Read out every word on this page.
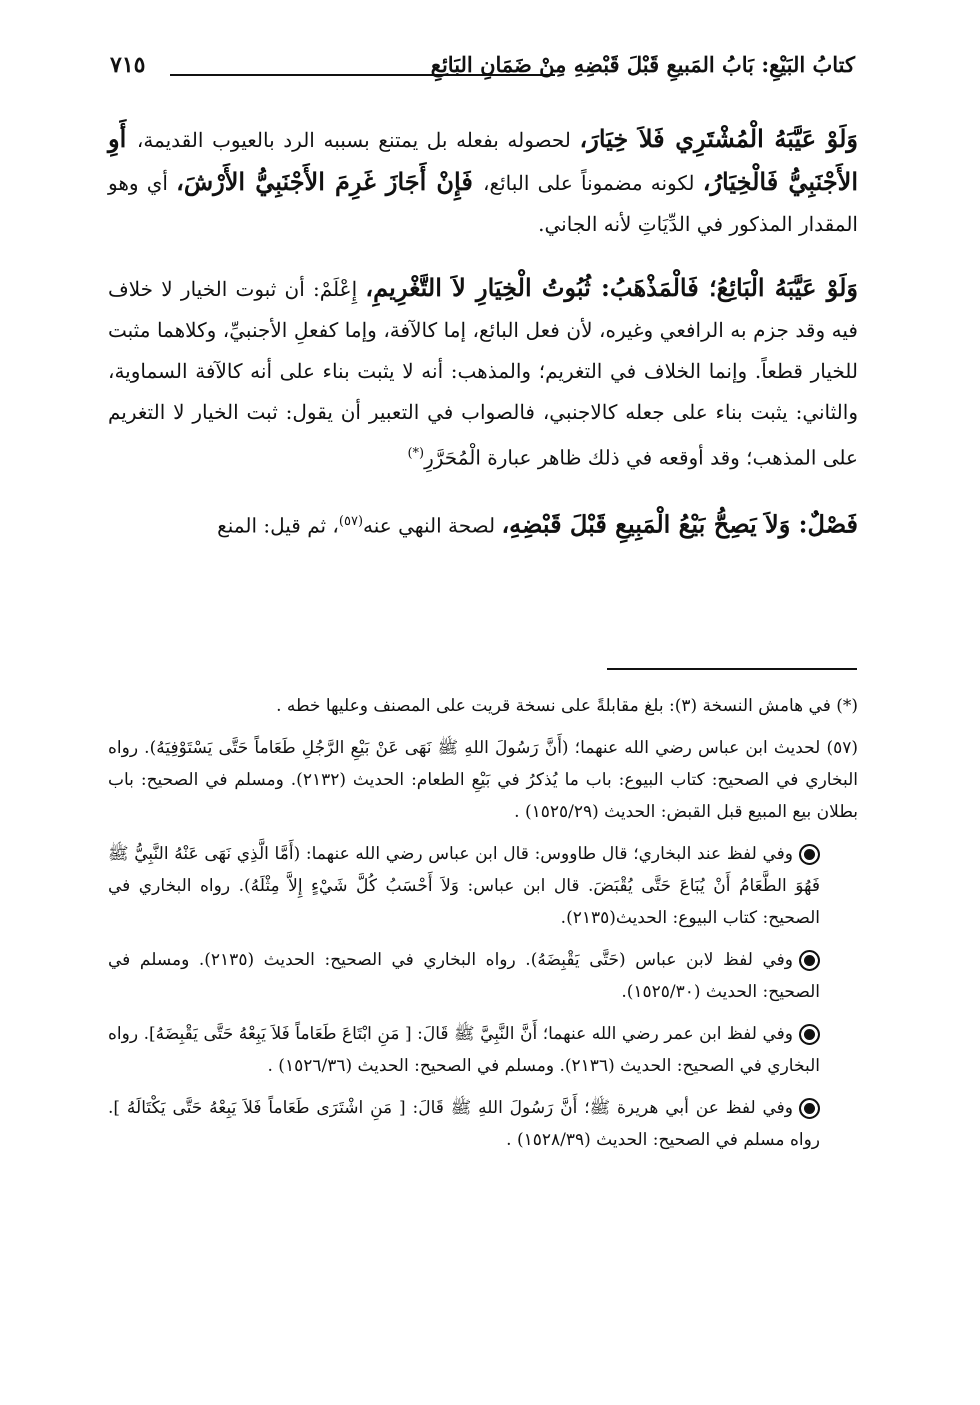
كتابُ البَيْعِ: بَابُ المَبيعِ قَبْلَ قَبْضِهِ مِنْ ضَمَانِ البَائِعِ
٧١٥

وَلَوْ عَيَّبَهُ الْمُشْتَرِي فَلاَ خِيَارَ، لحصوله بفعله بل يمتنع بسببه الرد بالعيوب القديمة، أَوِ الأَجْنَبِيُّ فَالْخِيَارُ، لكونه مضموناً على البائع، فَإِنْ أَجَازَ غَرِمَ الأَجْنَبِيُّ الأَرْشَ، أي وهو المقدار المذكور في الدِّيَاتِ لأنه الجاني.

وَلَوْ عَيَّبَهُ الْبَائِعُ؛ فَالْمَذْهَبُ: ثُبُوتُ الْخِيَارِ لاَ التَّغْرِيمِ، إِعْلَمْ: أن ثبوت الخيار لا خلاف فيه وقد جزم به الرافعي وغيره، لأن فعل البائع، إما كالآفة، وإما كفعلِ الأجنبيِّ، وكلاهما مثبت للخيار قطعاً. وإنما الخلاف في التغريم؛ والمذهب: أنه لا يثبت بناء على أنه كالآفة السماوية، والثاني: يثبت بناء على جعله كالاجنبي، فالصواب في التعبير أن يقول: ثبت الخيار لا التغريم على المذهب؛ وقد أوقعه في ذلك ظاهر عبارة الْمُحَرَّرِ(*)

فَصْلٌ: وَلاَ يَصِحُّ بَيْعُ الْمَبِيعِ قَبْلَ قَبْضِهِ، لصحة النهي عنه$^{(٥٧)}$، ثم قيل: المنع

(*) في هامش النسخة (٣): بلغ مقابلةً على نسخة قريت على المصنف وعليها خطه .

(٥٧) لحديث ابن عباس رضي الله عنهما؛ (أَنَّ رَسُولَ اللهِ ﷺ نَهَى عَنْ بَيْعِ الرَّجُلِ طَعَاماً حَتَّى يَسْتَوْفِيَهُ). رواه البخاري في الصحيح: كتاب البيوع: باب ما يُذكرُ في بَيْعِ الطعام: الحديث (٢١٣٢). ومسلم في الصحيح: باب بطلان بيع المبيع قبل القبض: الحديث (١٥٢٥/٢٩) .

وفي لفظ عند البخاري؛ قال طاووس: قال ابن عباس رضي الله عنهما: (أَمَّا الَّذِي نَهَى عَنْهُ النَّبِيُّ ﷺ فَهُوَ الطَّعَامُ أَنْ يُبَاعَ حَتَّى يُقْبَضَ. قال ابن عباس: وَلاَ أَحْسَبُ كُلَّ شَيْءٍ إِلاَّ مِثْلَهُ). رواه البخاري في الصحيح: كتاب البيوع: الحديث(٢١٣٥).

وفي لفظ لابن عباس (حَتَّى يَقْبِضَهُ). رواه البخاري في الصحيح: الحديث (٢١٣٥). ومسلم في الصحيح: الحديث (١٥٢٥/٣٠).

وفي لفظ ابن عمر رضي الله عنهما؛ أَنَّ النَّبِيَّ ﷺ قَالَ: [ مَنِ ابْتَاعَ طَعَاماً فَلاَ يَبِعْهُ حَتَّى يَقْبِضَهُ]. رواه البخاري في الصحيح: الحديث (٢١٣٦). ومسلم في الصحيح: الحديث (١٥٢٦/٣٦) .

وفي لفظ عن أبي هريرة ﷺ؛ أَنَّ رَسُولَ اللهِ ﷺ قَالَ: [ مَنِ اشْتَرَى طَعَاماً فَلاَ يَبِعْهُ حَتَّى يَكْتَالَهُ ]. رواه مسلم في الصحيح: الحديث (١٥٢٨/٣٩) .
